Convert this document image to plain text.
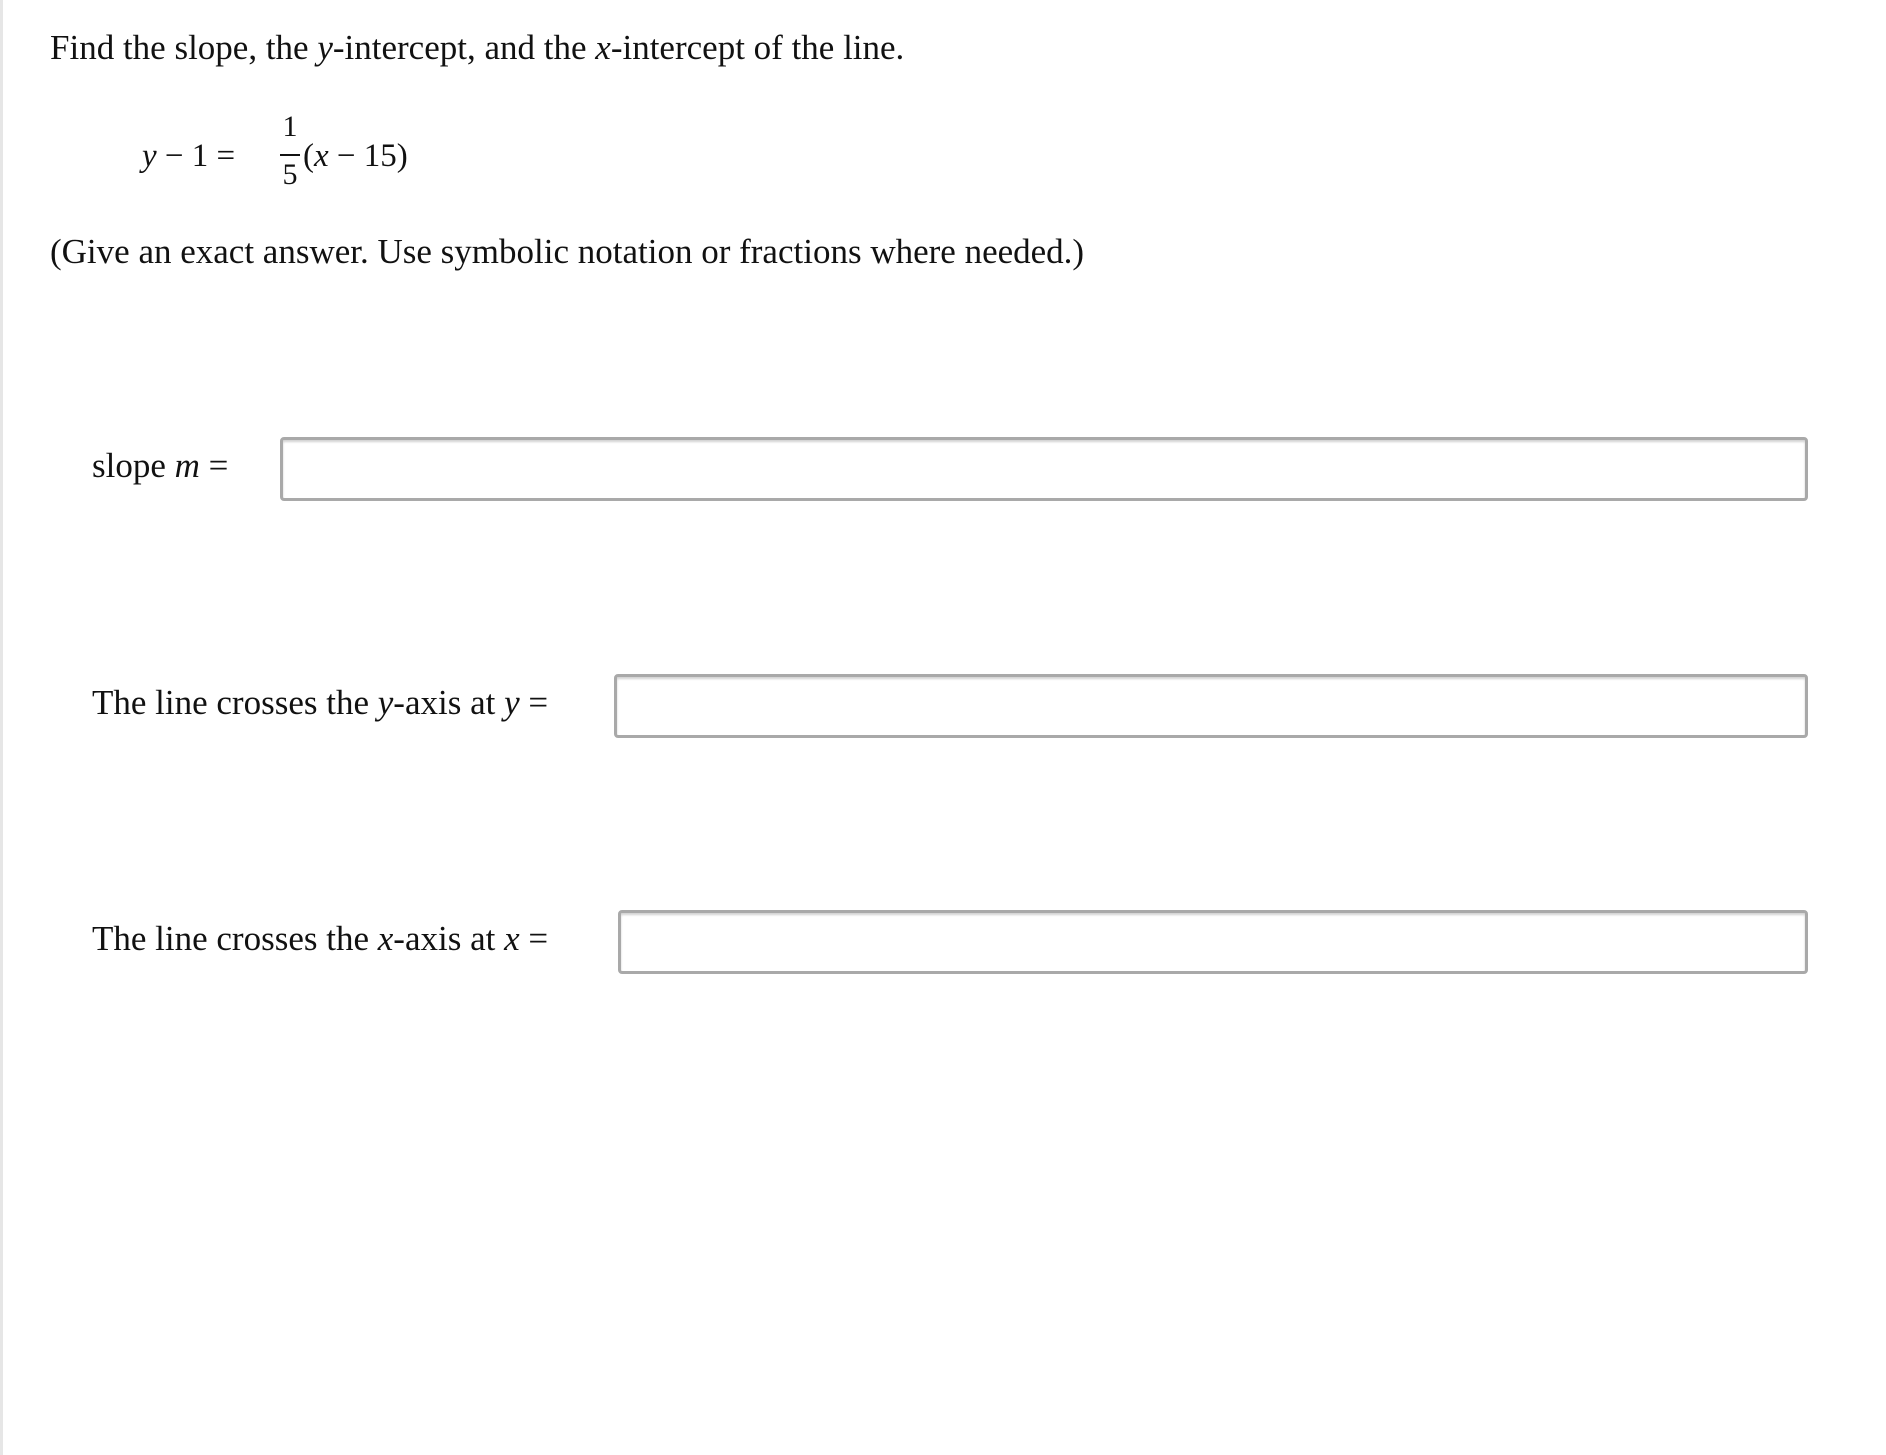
Find the slope, the y-intercept, and the x-intercept of the line.
y − 1 =
1
5
(x − 15)
(Give an exact answer. Use symbolic notation or fractions where needed.)
slope m =
The line crosses the y-axis at y =
The line crosses the x-axis at x =
